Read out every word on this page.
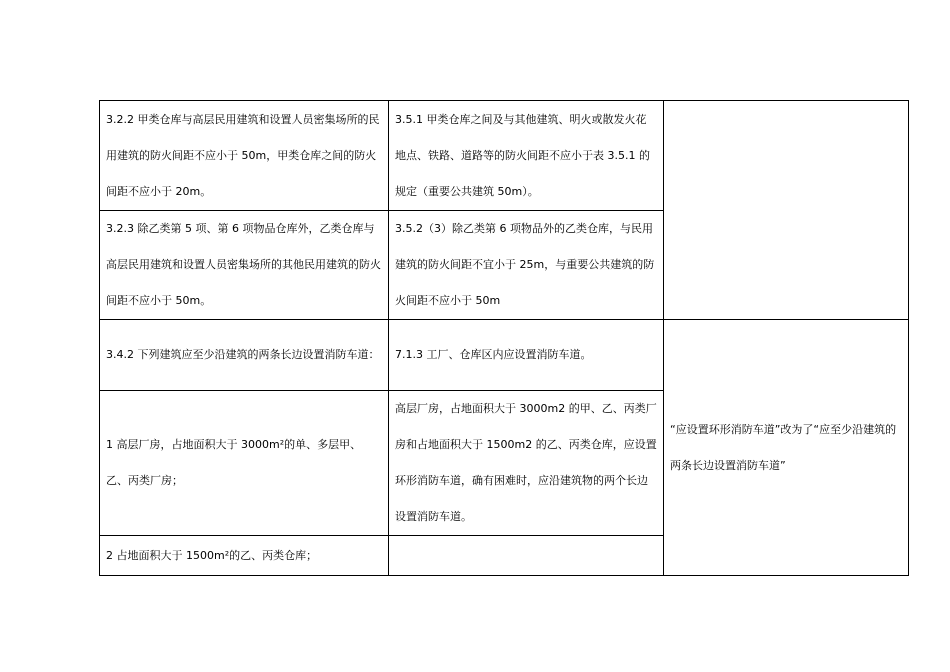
3.2.2 甲类仓库与高层民用建筑和设置人员密集场所的民用建筑的防火间距不应小于 50m，甲类仓库之间的防火间距不应小于 20m。	3.5.1 甲类仓库之间及与其他建筑、明火或散发火花地点、铁路、道路等的防火间距不应小于表 3.5.1 的规定（重要公共建筑 50m）。	
3.2.3 除乙类第 5 项、第 6 项物品仓库外，乙类仓库与高层民用建筑和设置人员密集场所的其他民用建筑的防火间距不应小于 50m。	3.5.2（3）除乙类第 6 项物品外的乙类仓库，与民用建筑的防火间距不宜小于 25m，与重要公共建筑的防火间距不应小于 50m	
3.4.2 下列建筑应至少沿建筑的两条长边设置消防车道：	7.1.3 工厂、仓库区内应设置消防车道。	“应设置环形消防车道”改为了“应至少沿建筑的两条长边设置消防车道”
1 高层厂房，占地面积大于 3000m²的单、多层甲、乙、丙类厂房；	高层厂房，占地面积大于 3000m2 的甲、乙、丙类厂房和占地面积大于 1500m2 的乙、丙类仓库，应设置环形消防车道，确有困难时，应沿建筑物的两个长边设置消防车道。	
2 占地面积大于 1500m²的乙、丙类仓库；		
